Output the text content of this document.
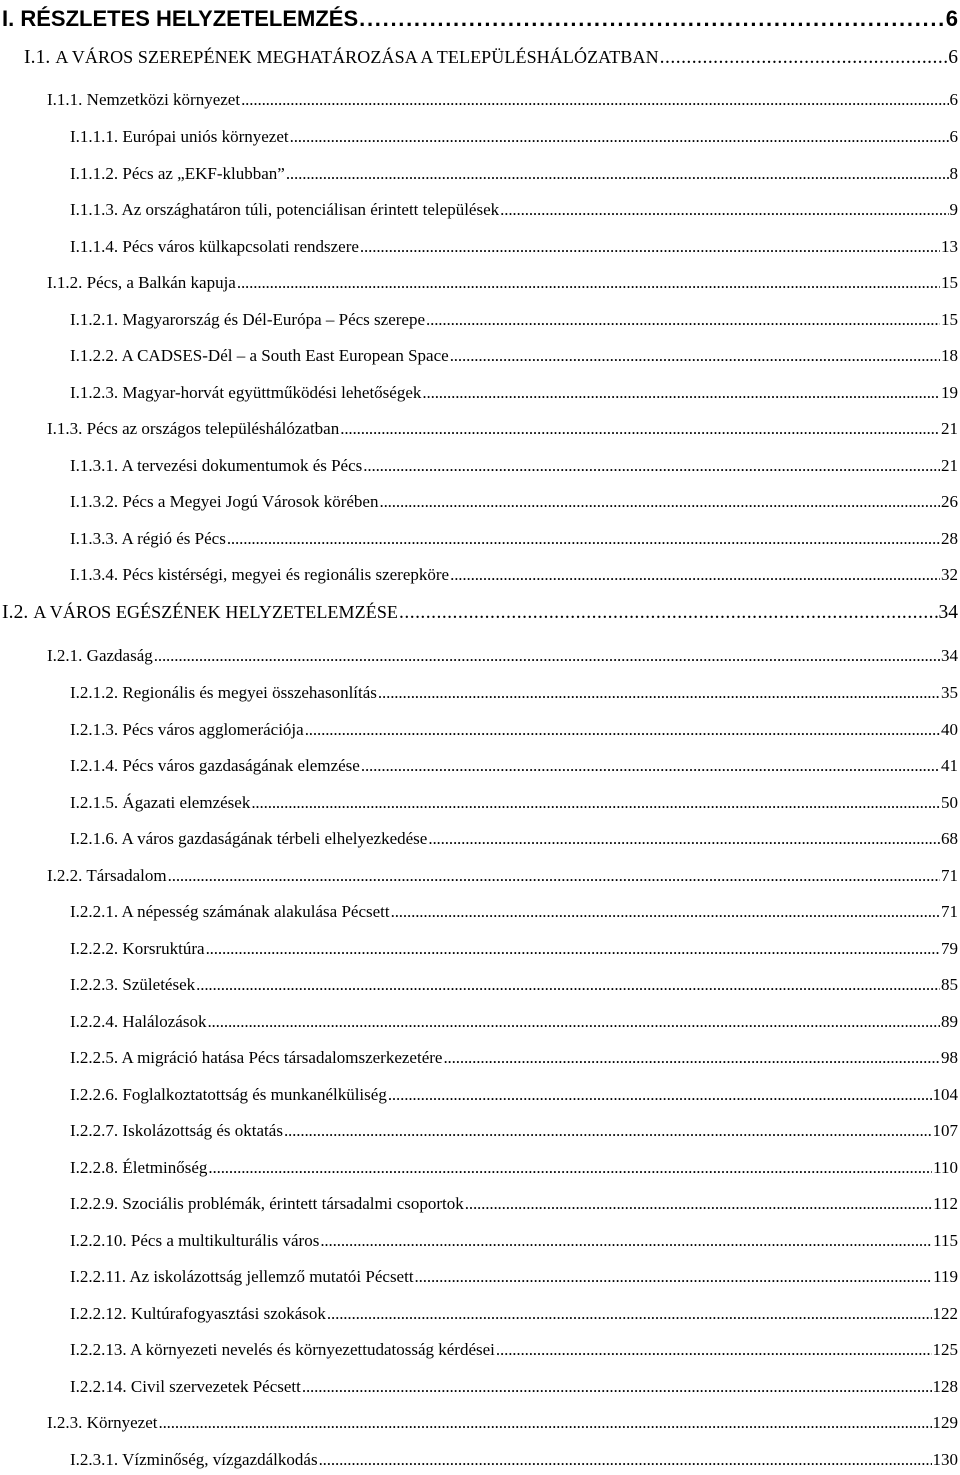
I. RÉSZLETES HELYZETELEMZÉS . . .	6
I.1. A VÁROS SZEREPÉNEK MEGHATÁROZÁSA A TELEPÜLÉSHÁLÓZATBAN . . .	6
I.1.1. Nemzetközi környezet . . .	6
I.1.1.1. Európai uniós környezet . . .	6
I.1.1.2. Pécs az „EKF-klubban” . . .	8
I.1.1.3. Az országhatáron túli, potenciálisan érintett települések . . .	9
I.1.1.4. Pécs város külkapcsolati rendszere . . .	13
I.1.2. Pécs, a Balkán kapuja . . .	15
I.1.2.1. Magyarország és Dél-Európa – Pécs szerepe . . .	15
I.1.2.2. A CADSES-Dél – a South East European Space . . .	18
I.1.2.3. Magyar-horvát együttműködési lehetőségek . . .	19
I.1.3. Pécs az országos településhálózatban . . .	21
I.1.3.1. A tervezési dokumentumok és Pécs . . .	21
I.1.3.2. Pécs a Megyei Jogú Városok körében . . .	26
I.1.3.3. A régió és Pécs . . .	28
I.1.3.4. Pécs kistérségi, megyei és regionális szerepköre . . .	32
I.2. A VÁROS EGÉSZÉNEK HELYZETELEMZÉSE . . .	34
I.2.1. Gazdaság . . .	34
I.2.1.2. Regionális és megyei összehasonlítás . . .	35
I.2.1.3. Pécs város agglomerációja . . .	40
I.2.1.4. Pécs város gazdaságának elemzése . . .	41
I.2.1.5. Ágazati elemzések . . .	50
I.2.1.6. A város gazdaságának térbeli elhelyezkedése . . .	68
I.2.2. Társadalom . . .	71
I.2.2.1. A népesség számának alakulása Pécsett . . .	71
I.2.2.2. Korsruktúra . . .	79
I.2.2.3. Születések . . .	85
I.2.2.4. Halálozások . . .	89
I.2.2.5. A migráció hatása Pécs társadalomszerkezetére . . .	98
I.2.2.6. Foglalkoztatottság és munkanélküliség . . .	104
I.2.2.7. Iskolázottság és oktatás . . .	107
I.2.2.8. Életminőség . . .	110
I.2.2.9. Szociális problémák, érintett társadalmi csoportok . . .	112
I.2.2.10. Pécs a multikulturális város . . .	115
I.2.2.11. Az iskolázottság jellemző mutatói Pécsett . . .	119
I.2.2.12. Kultúrafogyasztási szokások . . .	122
I.2.2.13. A környezeti nevelés és környezettudatosság kérdései . . .	125
I.2.2.14. Civil szervezetek Pécsett . . .	128
I.2.3. Környezet . . .	129
I.2.3.1. Vízminőség, vízgazdálkodás . . .	130
